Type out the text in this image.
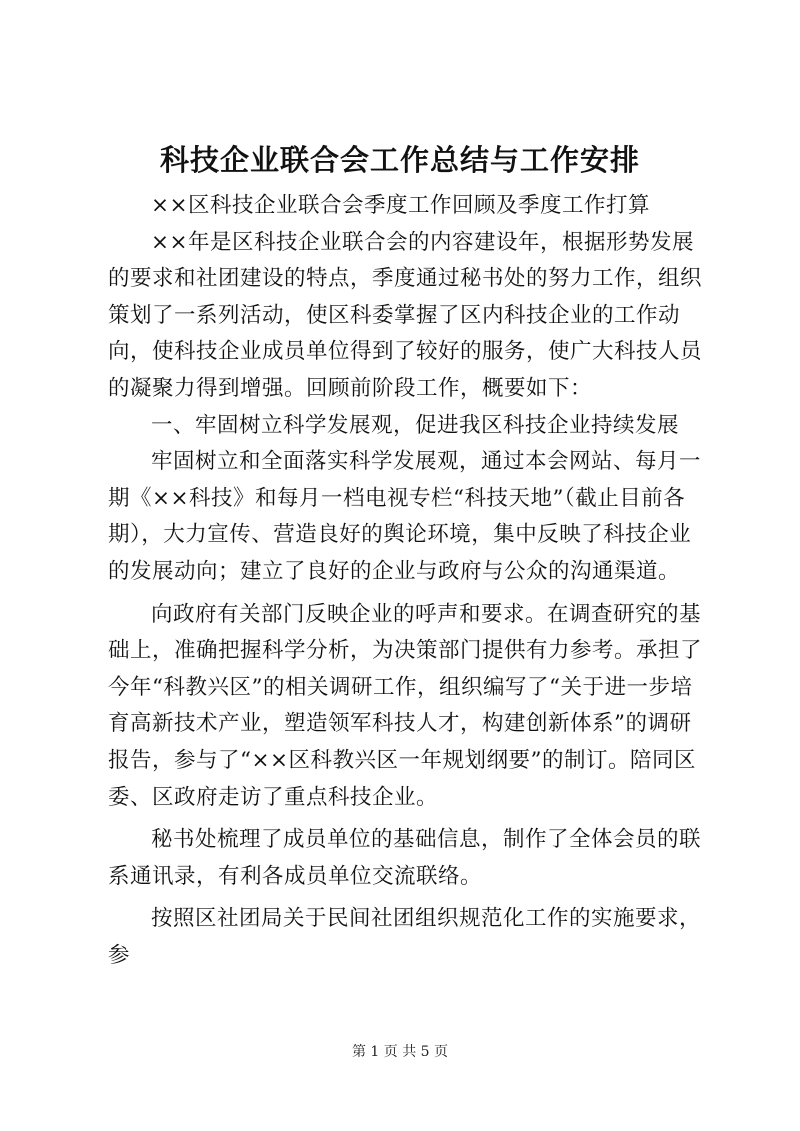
科技企业联合会工作总结与工作安排

××区科技企业联合会季度工作回顾及季度工作打算

××年是区科技企业联合会的内容建设年，根据形势发展的要求和社团建设的特点，季度通过秘书处的努力工作，组织策划了一系列活动，使区科委掌握了区内科技企业的工作动向，使科技企业成员单位得到了较好的服务，使广大科技人员的凝聚力得到增强。回顾前阶段工作，概要如下：

一、牢固树立科学发展观，促进我区科技企业持续发展

牢固树立和全面落实科学发展观，通过本会网站、每月一期《××科技》和每月一档电视专栏“科技天地”（截止目前各期），大力宣传、营造良好的舆论环境，集中反映了科技企业的发展动向；建立了良好的企业与政府与公众的沟通渠道。

向政府有关部门反映企业的呼声和要求。在调查研究的基础上，准确把握科学分析，为决策部门提供有力参考。承担了今年“科教兴区”的相关调研工作，组织编写了“关于进一步培育高新技术产业，塑造领军科技人才，构建创新体系”的调研报告，参与了“××区科教兴区一年规划纲要”的制订。陪同区委、区政府走访了重点科技企业。

秘书处梳理了成员单位的基础信息，制作了全体会员的联系通讯录，有利各成员单位交流联络。

按照区社团局关于民间社团组织规范化工作的实施要求，参

第 1 页 共 5 页
